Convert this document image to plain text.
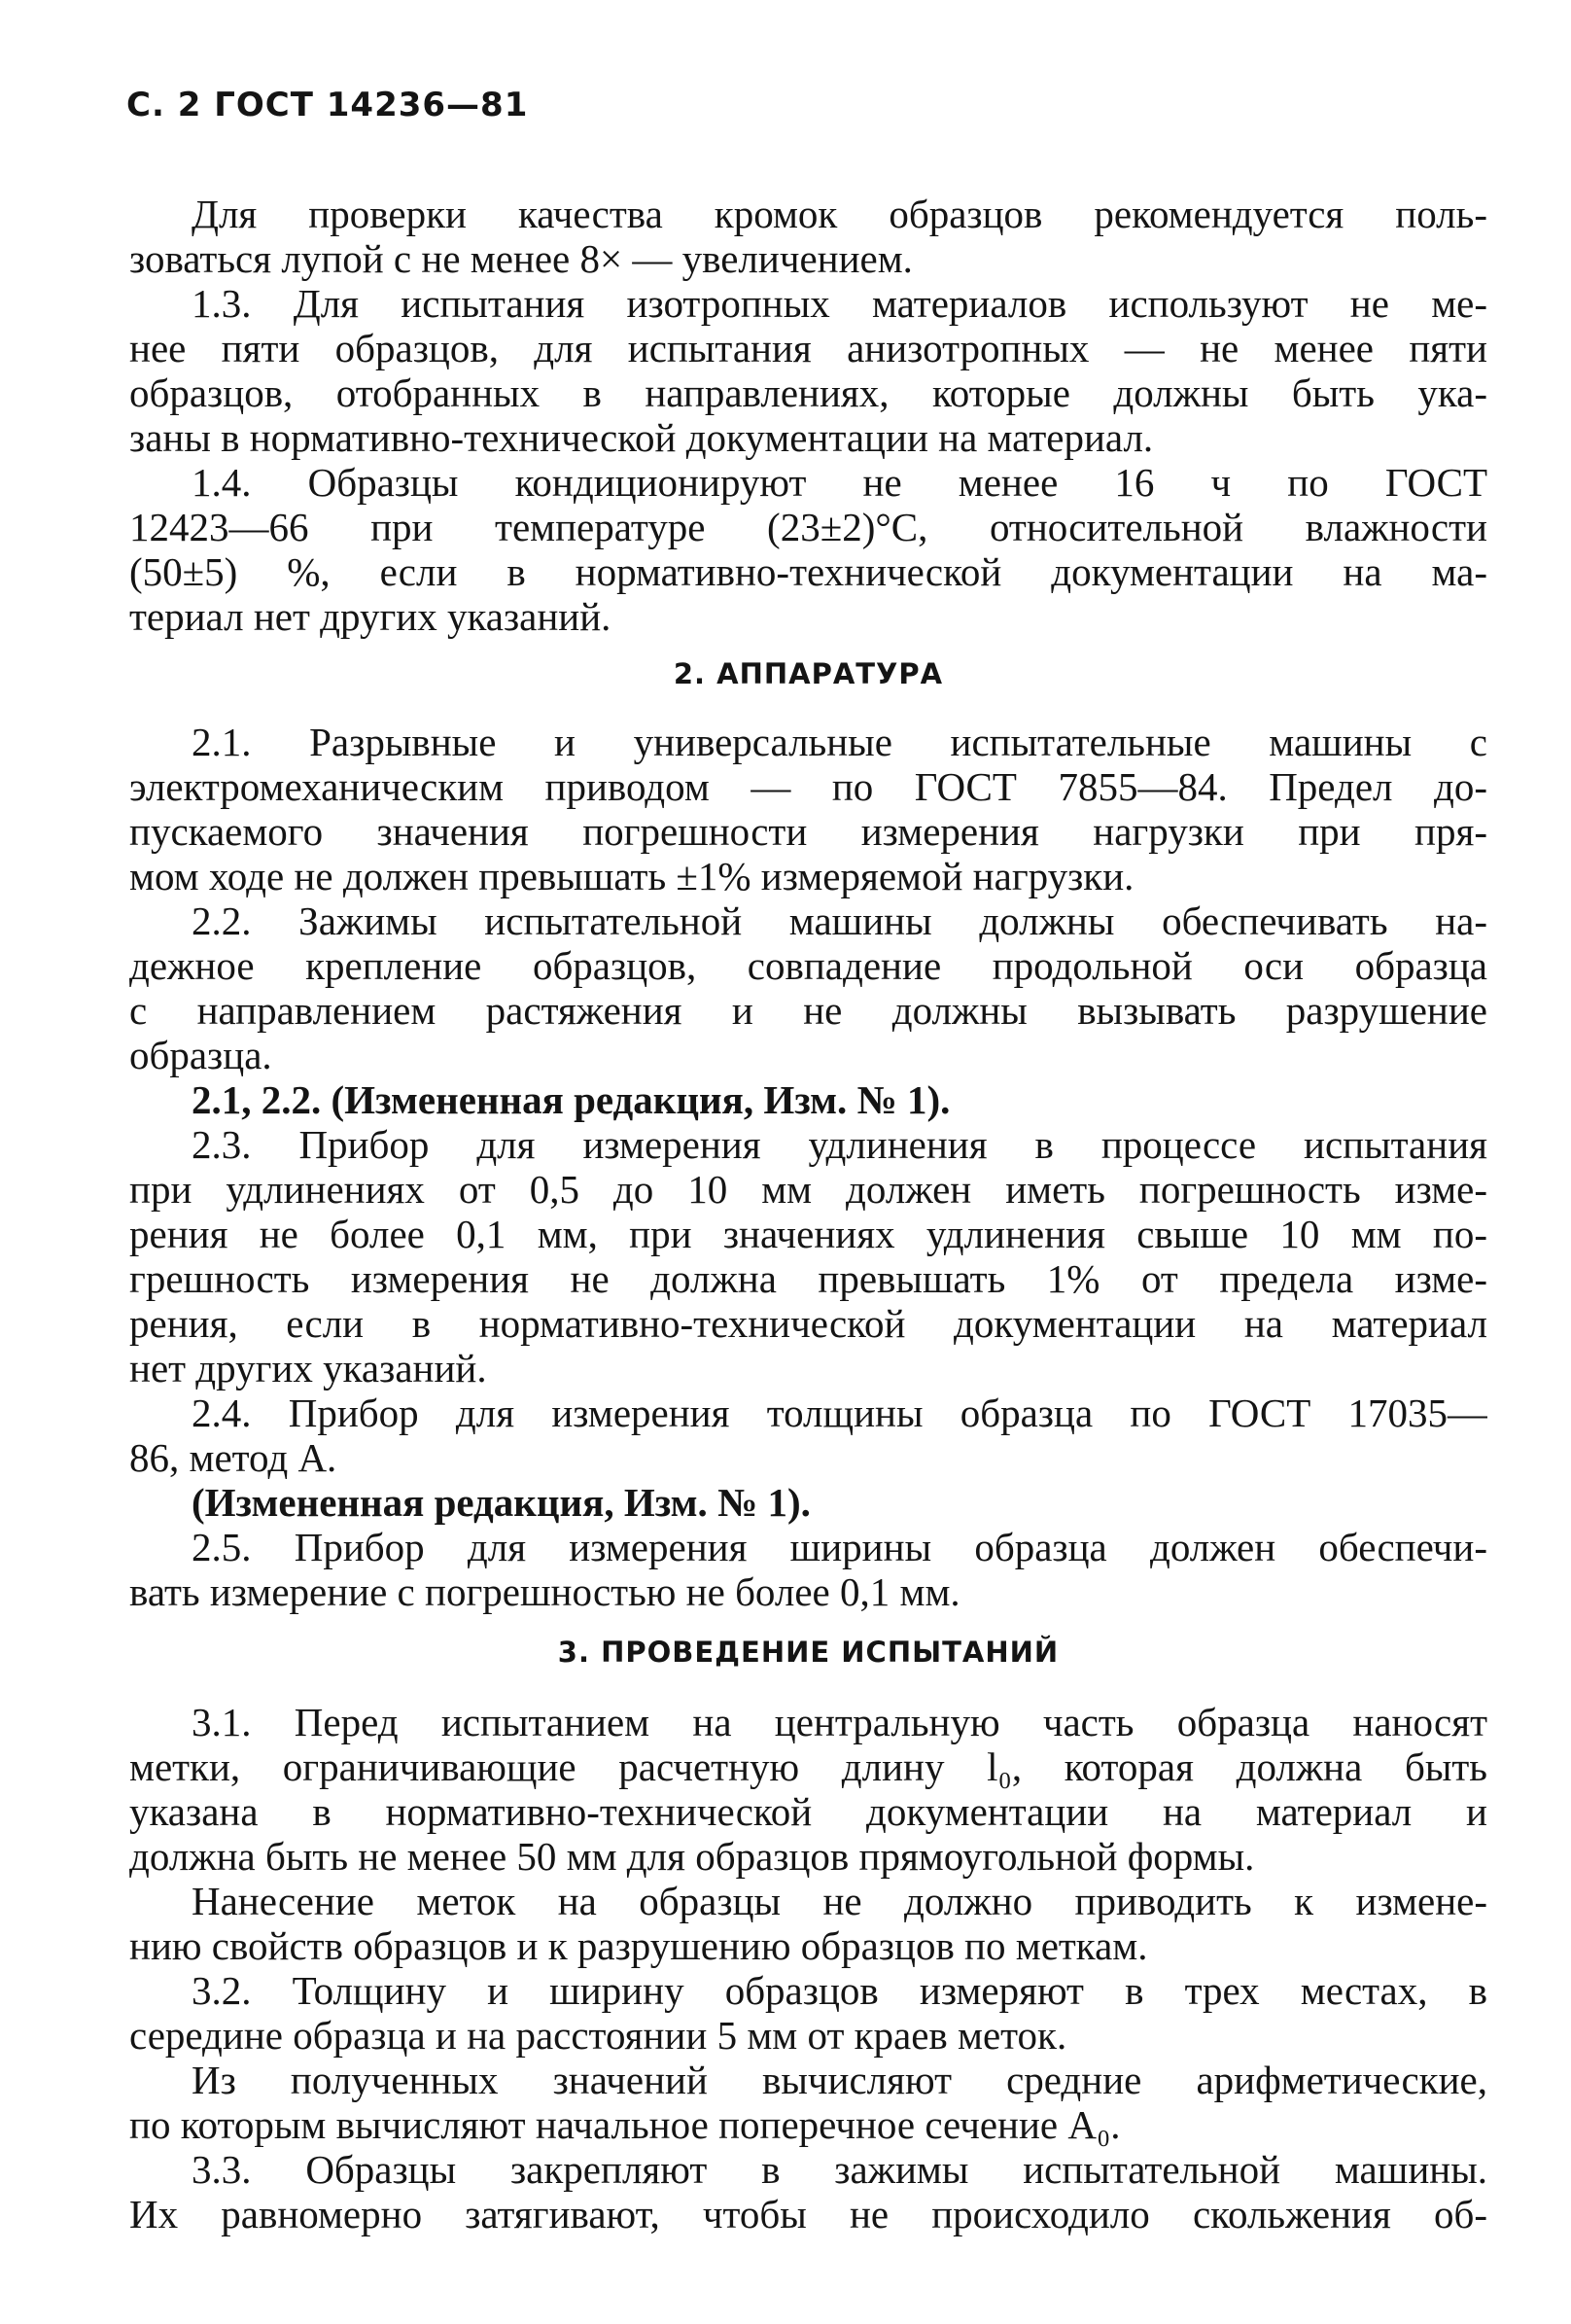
С. 2 ГОСТ 14236—81
Для проверки качества кромок образцов рекомендуется поль-
зоваться лупой с не менее 8× — увеличением.
1.3. Для испытания изотропных материалов используют не ме-
нее пяти образцов, для испытания анизотропных — не менее пяти
образцов, отобранных в направлениях, которые должны быть ука-
заны в нормативно-технической документации на материал.
1.4. Образцы кондиционируют не менее 16 ч по ГОСТ
12423—66 при температуре (23±2)°С, относительной влажности
(50±5) %, если в нормативно-технической документации на ма-
териал нет других указаний.
2. АППАРАТУРА
2.1. Разрывные и универсальные испытательные машины с
электромеханическим приводом — по ГОСТ 7855—84. Предел до-
пускаемого значения погрешности измерения нагрузки при пря-
мом ходе не должен превышать ±1% измеряемой нагрузки.
2.2. Зажимы испытательной машины должны обеспечивать на-
дежное крепление образцов, совпадение продольной оси образца
с направлением растяжения и не должны вызывать разрушение
образца.
2.1, 2.2. (Измененная редакция, Изм. № 1).
2.3. Прибор для измерения удлинения в процессе испытания
при удлинениях от 0,5 до 10 мм должен иметь погрешность изме-
рения не более 0,1 мм, при значениях удлинения свыше 10 мм по-
грешность измерения не должна превышать 1% от предела изме-
рения, если в нормативно-технической документации на материал
нет других указаний.
2.4. Прибор для измерения толщины образца по ГОСТ 17035—
86, метод А.
(Измененная редакция, Изм. № 1).
2.5. Прибор для измерения ширины образца должен обеспечи-
вать измерение с погрешностью не более 0,1 мм.
3. ПРОВЕДЕНИЕ ИСПЫТАНИЙ
3.1. Перед испытанием на центральную часть образца наносят
метки, ограничивающие расчетную длину l₀, которая должна быть
указана в нормативно-технической документации на материал и
должна быть не менее 50 мм для образцов прямоугольной формы.
Нанесение меток на образцы не должно приводить к измене-
нию свойств образцов и к разрушению образцов по меткам.
3.2. Толщину и ширину образцов измеряют в трех местах, в
середине образца и на расстоянии 5 мм от краев меток.
Из полученных значений вычисляют средние арифметические,
по которым вычисляют начальное поперечное сечение A₀.
3.3. Образцы закрепляют в зажимы испытательной машины.
Их равномерно затягивают, чтобы не происходило скольжения об-
